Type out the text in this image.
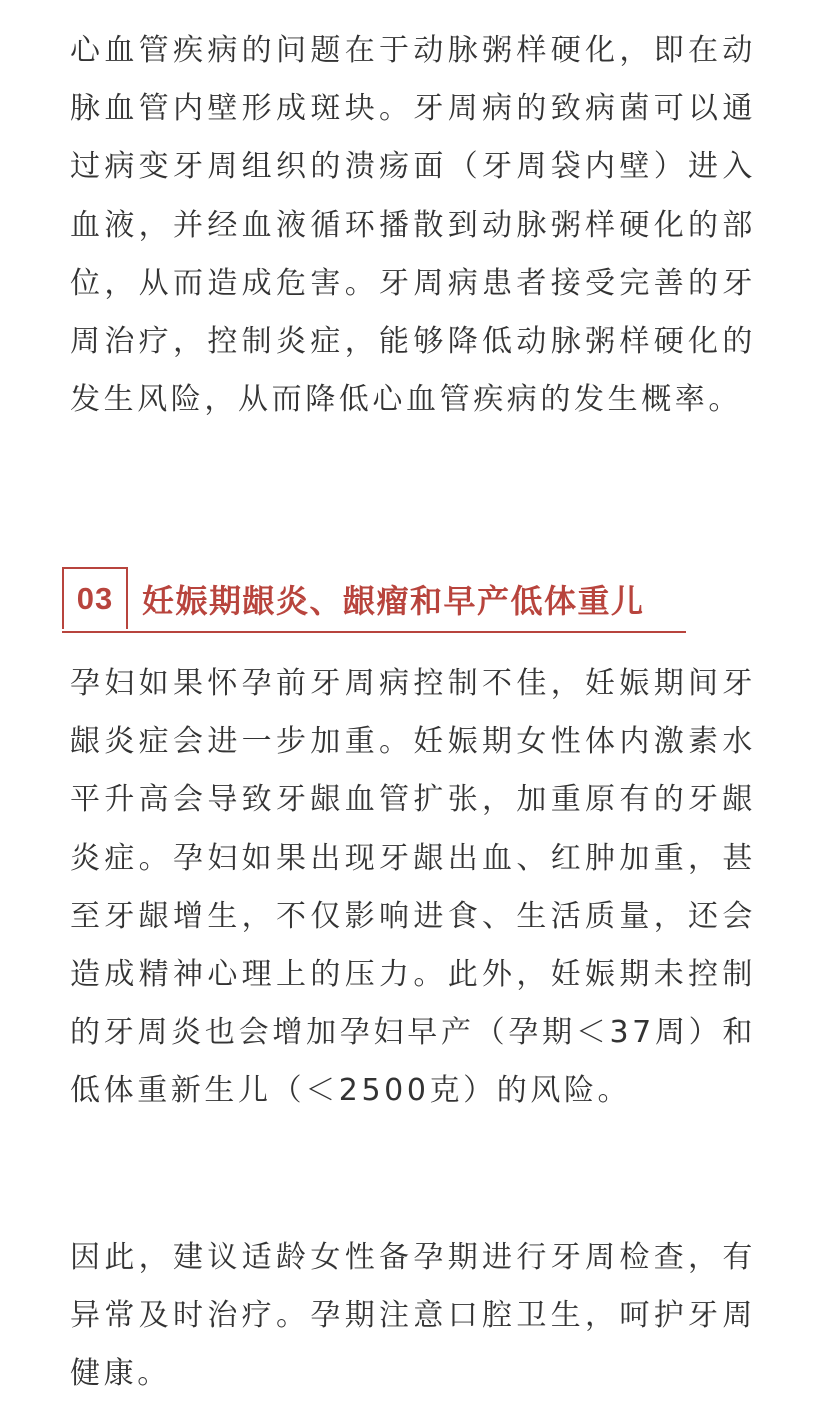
心血管疾病的问题在于动脉粥样硬化，即在动脉血管内壁形成斑块。牙周病的致病菌可以通过病变牙周组织的溃疡面（牙周袋内壁）进入血液，并经血液循环播散到动脉粥样硬化的部位，从而造成危害。牙周病患者接受完善的牙周治疗，控制炎症，能够降低动脉粥样硬化的发生风险，从而降低心血管疾病的发生概率。

03 妊娠期龈炎、龈瘤和早产低体重儿

孕妇如果怀孕前牙周病控制不佳，妊娠期间牙龈炎症会进一步加重。妊娠期女性体内激素水平升高会导致牙龈血管扩张，加重原有的牙龈炎症。孕妇如果出现牙龈出血、红肿加重，甚至牙龈增生，不仅影响进食、生活质量，还会造成精神心理上的压力。此外，妊娠期未控制的牙周炎也会增加孕妇早产（孕期＜37周）和低体重新生儿（＜2500克）的风险。

因此，建议适龄女性备孕期进行牙周检查，有异常及时治疗。孕期注意口腔卫生，呵护牙周健康。
